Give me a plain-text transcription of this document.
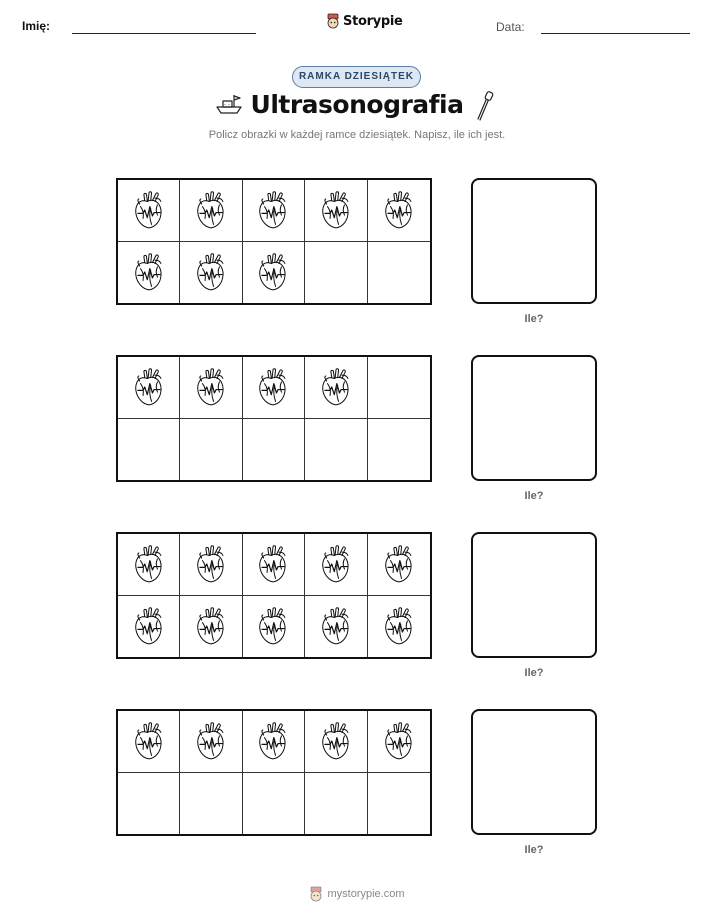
Imię:	Storypie	Data:
RAMKA DZIESIĄTEK
Ultrasonografia
Policz obrazki w każdej ramce dziesiątek. Napisz, ile ich jest.
Ile?
Ile?
Ile?
Ile?
mystorypie.com
